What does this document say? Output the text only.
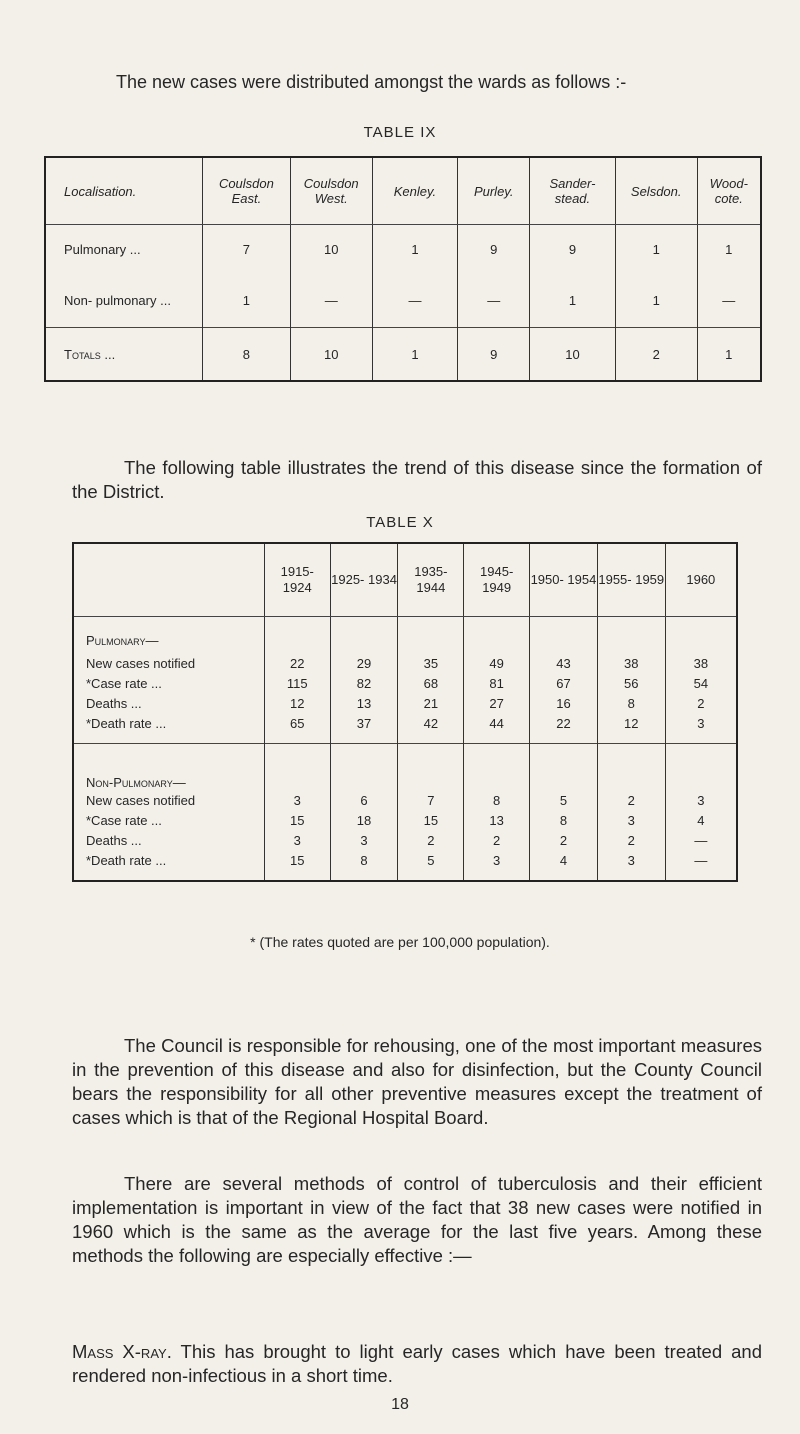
The new cases were distributed amongst the wards as follows :-

TABLE IX

Localisation.	Coulsdon East.	Coulsdon West.	Kenley.	Purley.	Sander- stead.	Selsdon.	Wood- cote.
Pulmonary ...	7	10	1	9	9	1	1
Non- pulmonary ...	1	—	—	—	1	1	—
Totals ...	8	10	1	9	10	2	1

The following table illustrates the trend of this disease since the formation of the District.

TABLE X

	1915- 1924	1925- 1934	1935- 1944	1945- 1949	1950- 1954	1955- 1959	1960

Pulmonary—							
New cases notified	22	29	35	49	43	38	38
*Case rate ...	115	82	68	81	67	56	54
Deaths ...	12	13	21	27	16	8	2
*Death rate ...	65	37	42	44	22	12	3

Non-Pulmonary—							
New cases notified	3	6	7	8	5	2	3
*Case rate ...	15	18	15	13	8	3	4
Deaths ...	3	3	2	2	2	2	—
*Death rate ...	15	8	5	3	4	3	—

* (The rates quoted are per 100,000 population).

The Council is responsible for rehousing, one of the most important measures in the prevention of this disease and also for disinfection, but the County Council bears the responsibility for all other preventive measures except the treatment of cases which is that of the Regional Hospital Board.

There are several methods of control of tuberculosis and their efficient implementation is important in view of the fact that 38 new cases were notified in 1960 which is the same as the average for the last five years. Among these methods the following are especially effective :—

Mass X-ray. This has brought to light early cases which have been treated and rendered non-infectious in a short time.

18
